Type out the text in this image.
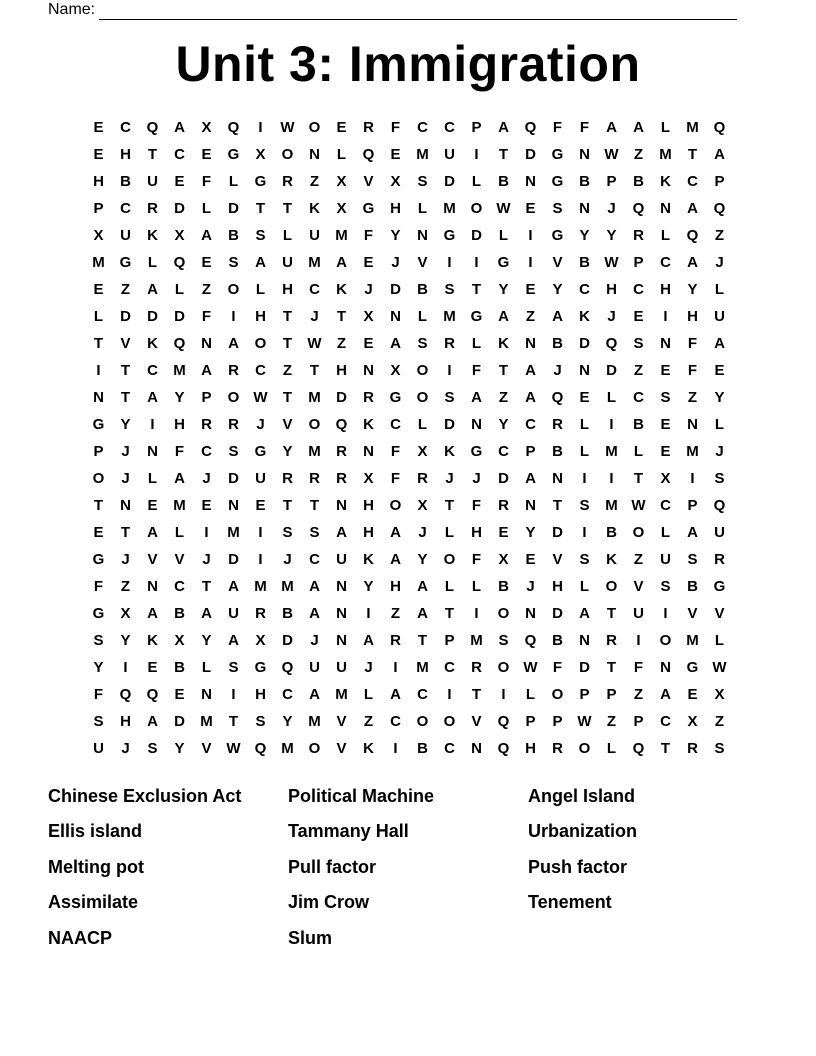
Name:
Unit 3: Immigration
E	C	Q	A	X	Q	I	W O	E	R	F	C	C	P	A	Q	F	F	A	A	L	M Q
E	H	T	C	E	G	X	O	N	L	Q	E	M	U	I	T	D	G	N W	Z	M	T	A
H	B	U	E	F	L	G	R	Z	X	V	X	S	D	L	B	N	G	B	P	B	K	C	P
P	C	R	D	L	D	T	T	K	X	G	H	L	M O W E	S	N	J	Q	N	A	Q
X	U	K	X	A	B	S	L	U	M	F	Y	N	G	D	L	I	G	Y	Y	R	L	Q	Z
M G	L	Q	E	S	A	U	M	A	E	J	V	I	I	G	I	V	B W P	C	A	J
E	Z	A	L	Z	O	L	H	C	K	J	D	B	S	T	Y	E	Y	C	H	C	H	Y	L
L	D	D	D	F	I	H	T	J	T	X	N	L	M G	A	Z	A	K	J	E	I	H	U
T	V	K	Q	N	A	O	T	W	Z	E	A	S	R	L	K	N	B	D	Q	S	N	F	A
I	T	C	M	A	R	C	Z	T	H	N	X	O	I	F	T	A	J	N	D	Z	E	F	E
N	T	A	Y	P	O W	T	M	D	R	G	O	S	A	Z	A	Q	E	L	C	S	Z	Y
G	Y	I	H	R	R	J	V	O	Q	K	C	L	D	N	Y	C	R	L	I	B	E	N	L
P	J	N	F	C	S	G	Y	M	R	N	F	X	K	G	C	P	B	L	M	L	E	M	J
O	J	L	A	J	D	U	R	R	R	X	F	R	J	J	D	A	N	I	I	T	X	I	S
T	N	E	M	E	N	E	T	T	N	H	O	X	T	F	R	N	T	S	M W C	P	Q
E	T	A	L	I	M	I	S	S	A	H	A	J	L	H	E	Y	D	I	B	O	L	A	U
G	J	V	V	J	D	I	J	C	U	K	A	Y	O	F	X	E	V	S	K	Z	U	S	R
F	Z	N	C	T	A	M M	A	N	Y	H	A	L	L	B	J	H	L	O	V	S	B	G
G	X	A	B	A	U	R	B	A	N	I	Z	A	T	I	O	N	D	A	T	U	I	V	V
S	Y	K	X	Y	A	X	D	J	N	A	R	T	P	M	S	Q	B	N	R	I	O M	L
Y	I	E	B	L	S	G	Q	U	U	J	I	M	C	R	O W	F	D	T	F	N	G W
F	Q	Q	E	N	I	H	C	A	M	L	A	C	I	T	I	L	O	P	P	Z	A	E	X
S	H	A	D	M	T	S	Y	M	V	Z	C	O	O	V	Q	P	P W	Z	P	C	X	Z
U	J	S	Y	V W Q M O	V	K	I	B	C	N	Q	H	R	O	L	Q	T	R	S
Chinese Exclusion Act	Political Machine	Angel Island
Ellis island	Tammany Hall	Urbanization
Melting pot	Pull factor	Push factor
Assimilate	Jim Crow	Tenement
NAACP	Slum
